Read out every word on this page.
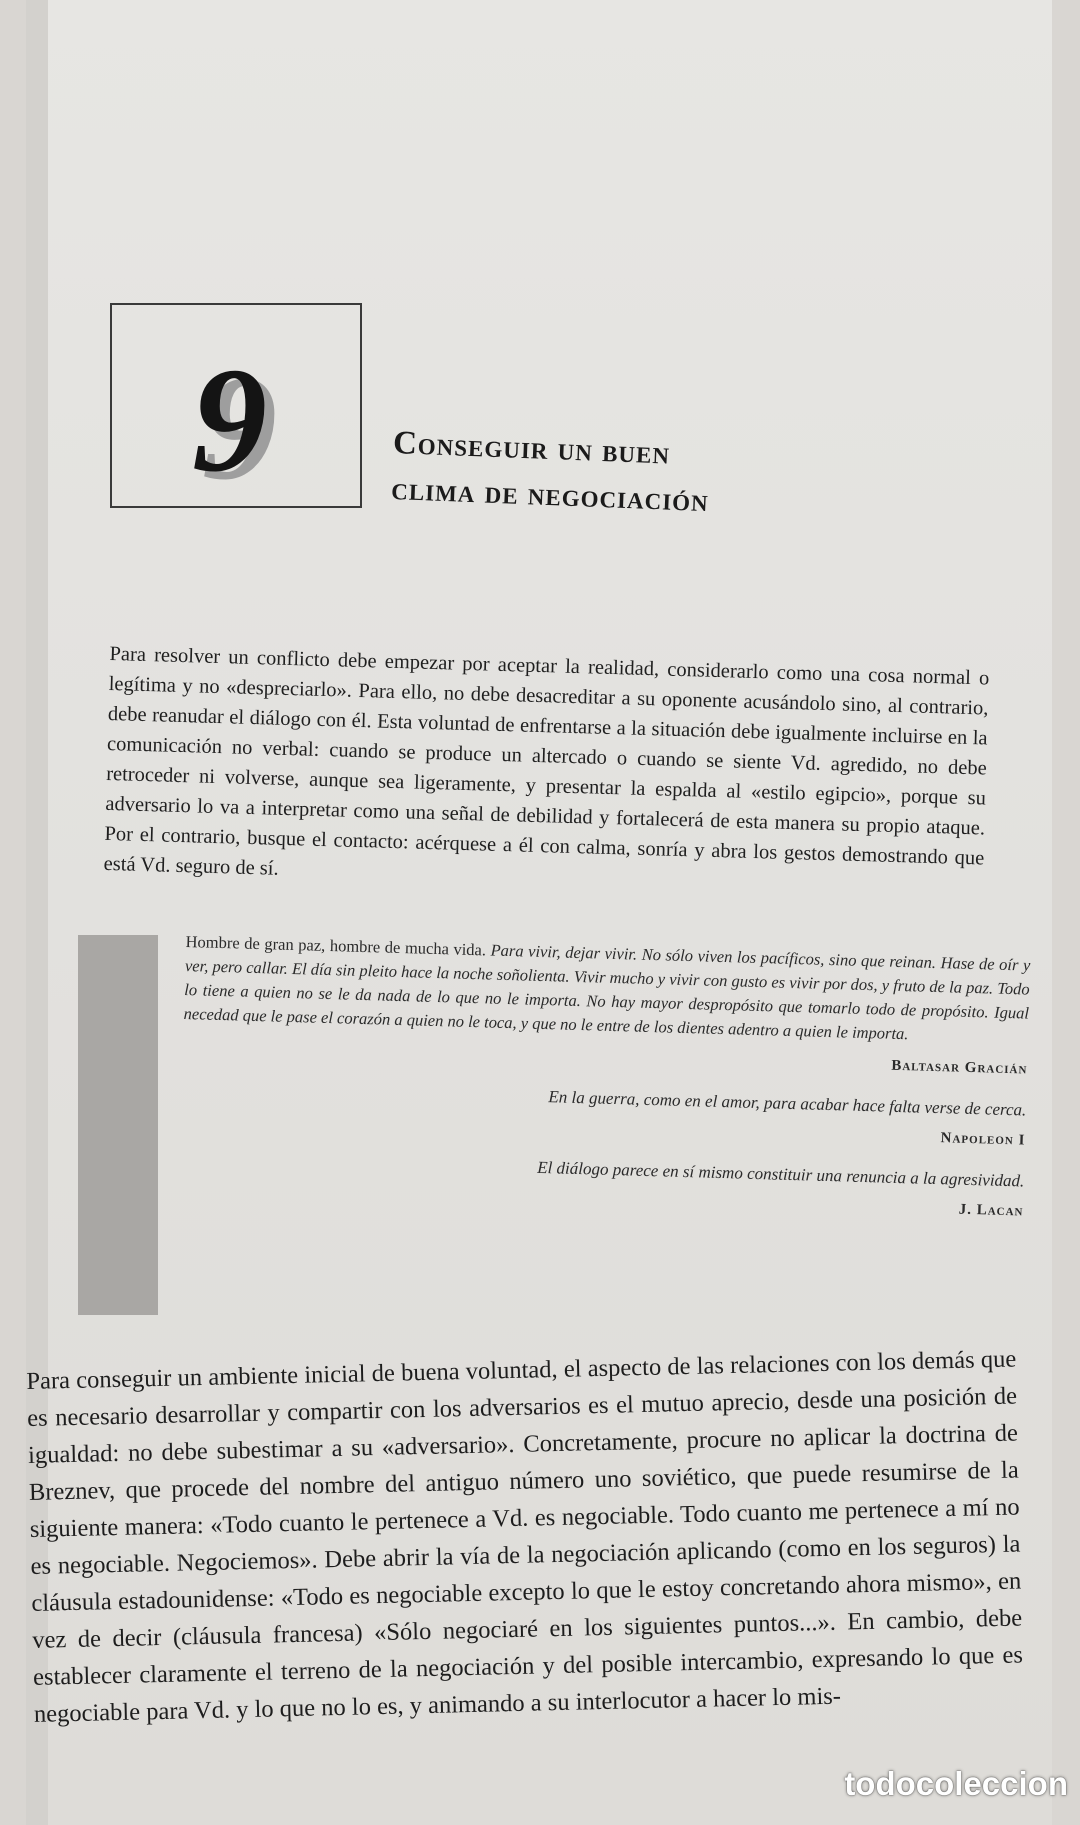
9	Conseguir un buen
clima de negociación

Para resolver un conflicto debe empezar por aceptar la realidad, considerarlo como una cosa normal o legítima y no «despreciarlo». Para ello, no debe desacreditar a su oponente acusándolo sino, al contrario, debe reanudar el diálogo con él. Esta voluntad de enfrentarse a la situación debe igualmente incluirse en la comunicación no verbal: cuando se produce un altercado o cuando se siente Vd. agredido, no debe retroceder ni volverse, aunque sea ligeramente, y presentar la espalda al «estilo egipcio», porque su adversario lo va a interpretar como una señal de debilidad y fortalecerá de esta manera su propio ataque. Por el contrario, busque el contacto: acérquese a él con calma, sonría y abra los gestos demostrando que está Vd. seguro de sí.

Hombre de gran paz, hombre de mucha vida. Para vivir, dejar vivir. No sólo viven los pacíficos, sino que reinan. Hase de oír y ver, pero callar. El día sin pleito hace la noche soñolienta. Vivir mucho y vivir con gusto es vivir por dos, y fruto de la paz. Todo lo tiene a quien no se le da nada de lo que no le importa. No hay mayor despropósito que tomarlo todo de propósito. Igual necedad que le pase el corazón a quien no le toca, y que no le entre de los dientes adentro a quien le importa.

Baltasar Gracián

En la guerra, como en el amor, para acabar hace falta verse de cerca.

Napoleon I

El diálogo parece en sí mismo constituir una renuncia a la agresividad.

J. Lacan

Para conseguir un ambiente inicial de buena voluntad, el aspecto de las relaciones con los demás que es necesario desarrollar y compartir con los adversarios es el mutuo aprecio, desde una posición de igualdad: no debe subestimar a su «adversario». Concretamente, procure no aplicar la doctrina de Breznev, que procede del nombre del antiguo número uno soviético, que puede resumirse de la siguiente manera: «Todo cuanto le pertenece a Vd. es negociable. Todo cuanto me pertenece a mí no es negociable. Negociemos». Debe abrir la vía de la negociación aplicando (como en los seguros) la cláusula estadounidense: «Todo es negociable excepto lo que le estoy concretando ahora mismo», en vez de decir (cláusula francesa) «Sólo negociaré en los siguientes puntos...». En cambio, debe establecer claramente el terreno de la negociación y del posible intercambio, expresando lo que es negociable para Vd. y lo que no lo es, y animando a su interlocutor a hacer lo mis-

todocoleccion
